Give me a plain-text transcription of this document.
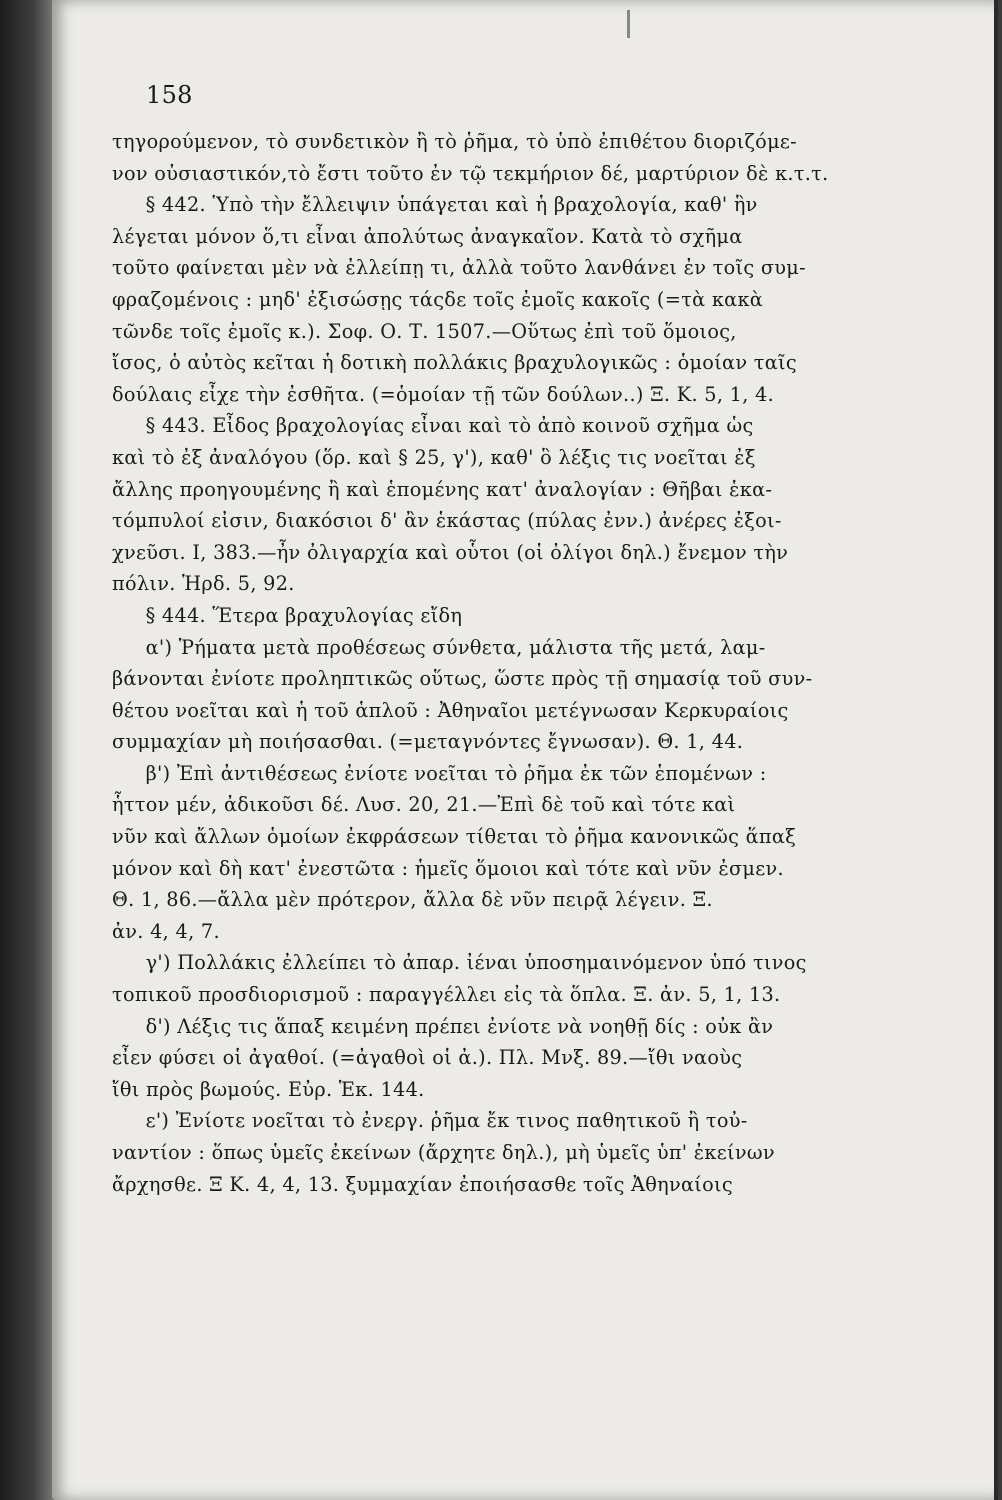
158
τηγορούμενον, τὸ συνδετικὸν ἢ τὸ ῥῆμα, τὸ ὑπὸ ἐπιθέτου διοριζόμε-
νον οὐσιαστικόν,τὸ ἔστι τοῦτο ἐν τῷ τεκμήριον δέ, μαρτύριον δὲ κ.τ.τ.
§ 442. Ὑπὸ τὴν ἔλλειψιν ὑπάγεται καὶ ἡ βραχολογία, καθ' ἣν
λέγεται μόνον ὅ,τι εἶναι ἀπολύτως ἀναγκαῖον. Κατὰ τὸ σχῆμα
τοῦτο φαίνεται μὲν νὰ ἐλλείπῃ τι, ἀλλὰ τοῦτο λανθάνει ἐν τοῖς συμ-
φραζομένοις : μηδ' ἐξισώσῃς τάςδε τοῖς ἐμοῖς κακοῖς (=τὰ κακὰ
τῶνδε τοῖς ἐμοῖς κ.). Σοφ. Ο. Τ. 1507.—Οὕτως ἐπὶ τοῦ ὅμοιος,
ἴσος, ὁ αὐτὸς κεῖται ἡ δοτικὴ πολλάκις βραχυλογικῶς : ὁμοίαν ταῖς
δούλαις εἶχε τὴν ἐσθῆτα. (=ὁμοίαν τῇ τῶν δούλων..) Ξ. Κ. 5, 1, 4.
§ 443. Εἶδος βραχολογίας εἶναι καὶ τὸ ἀπὸ κοινοῦ σχῆμα ὡς
καὶ τὸ ἐξ ἀναλόγου (ὅρ. καὶ § 25, γ'), καθ' ὃ λέξις τις νοεῖται ἐξ
ἄλλης προηγουμένης ἢ καὶ ἑπομένης κατ' ἀναλογίαν : Θῆβαι ἑκα-
τόμπυλοί εἰσιν, διακόσιοι δ' ἂν ἑκάστας (πύλας ἐνν.) ἀνέρες ἐξοι-
χνεῦσι. Ι, 383.—ἦν ὀλιγαρχία καὶ οὗτοι (οἱ ὀλίγοι δηλ.) ἔνεμον τὴν
πόλιν. Ἡρδ. 5, 92.
§ 444. Ἕτερα βραχυλογίας εἴδη
α') Ῥήματα μετὰ προθέσεως σύνθετα, μάλιστα τῆς μετά, λαμ-
βάνονται ἐνίοτε προληπτικῶς οὕτως, ὥστε πρὸς τῇ σημασίᾳ τοῦ συν-
θέτου νοεῖται καὶ ἡ τοῦ ἁπλοῦ : Ἀθηναῖοι μετέγνωσαν Κερκυραίοις
συμμαχίαν μὴ ποιήσασθαι. (=μεταγνόντες ἔγνωσαν). Θ. 1, 44.
β') Ἐπὶ ἀντιθέσεως ἐνίοτε νοεῖται τὸ ῥῆμα ἐκ τῶν ἑπομένων :
ἧττον μέν, ἀδικοῦσι δέ. Λυσ. 20, 21.—Ἐπὶ δὲ τοῦ καὶ τότε καὶ
νῦν καὶ ἄλλων ὁμοίων ἐκφράσεων τίθεται τὸ ῥῆμα κανονικῶς ἅπαξ
μόνον καὶ δὴ κατ' ἐνεστῶτα : ἡμεῖς ὅμοιοι καὶ τότε καὶ νῦν ἐσμεν.
Θ. 1, 86.—ἄλλα μὲν πρότερον, ἄλλα δὲ νῦν πειρᾷ λέγειν. Ξ.
ἀν. 4, 4, 7.
γ') Πολλάκις ἐλλείπει τὸ ἀπαρ. ἰέναι ὑποσημαινόμενον ὑπό τινος
τοπικοῦ προσδιορισμοῦ : παραγγέλλει εἰς τὰ ὅπλα. Ξ. ἀν. 5, 1, 13.
δ') Λέξις τις ἅπαξ κειμένη πρέπει ἐνίοτε νὰ νοηθῇ δίς : οὐκ ἂν
εἶεν φύσει οἱ ἀγαθοί. (=ἀγαθοὶ οἱ ἀ.). Πλ. Μνξ. 89.—ἴθι ναοὺς
ἴθι πρὸς βωμούς. Εὐρ. Ἑκ. 144.
ε') Ἐνίοτε νοεῖται τὸ ἐνεργ. ῥῆμα ἔκ τινος παθητικοῦ ἢ τοὐ-
ναντίον : ὅπως ὑμεῖς ἐκείνων (ἄρχητε δηλ.), μὴ ὑμεῖς ὑπ' ἐκείνων
ἄρχησθε. Ξ Κ. 4, 4, 13. ξυμμαχίαν ἐποιήσασθε τοῖς Ἀθηναίοις
